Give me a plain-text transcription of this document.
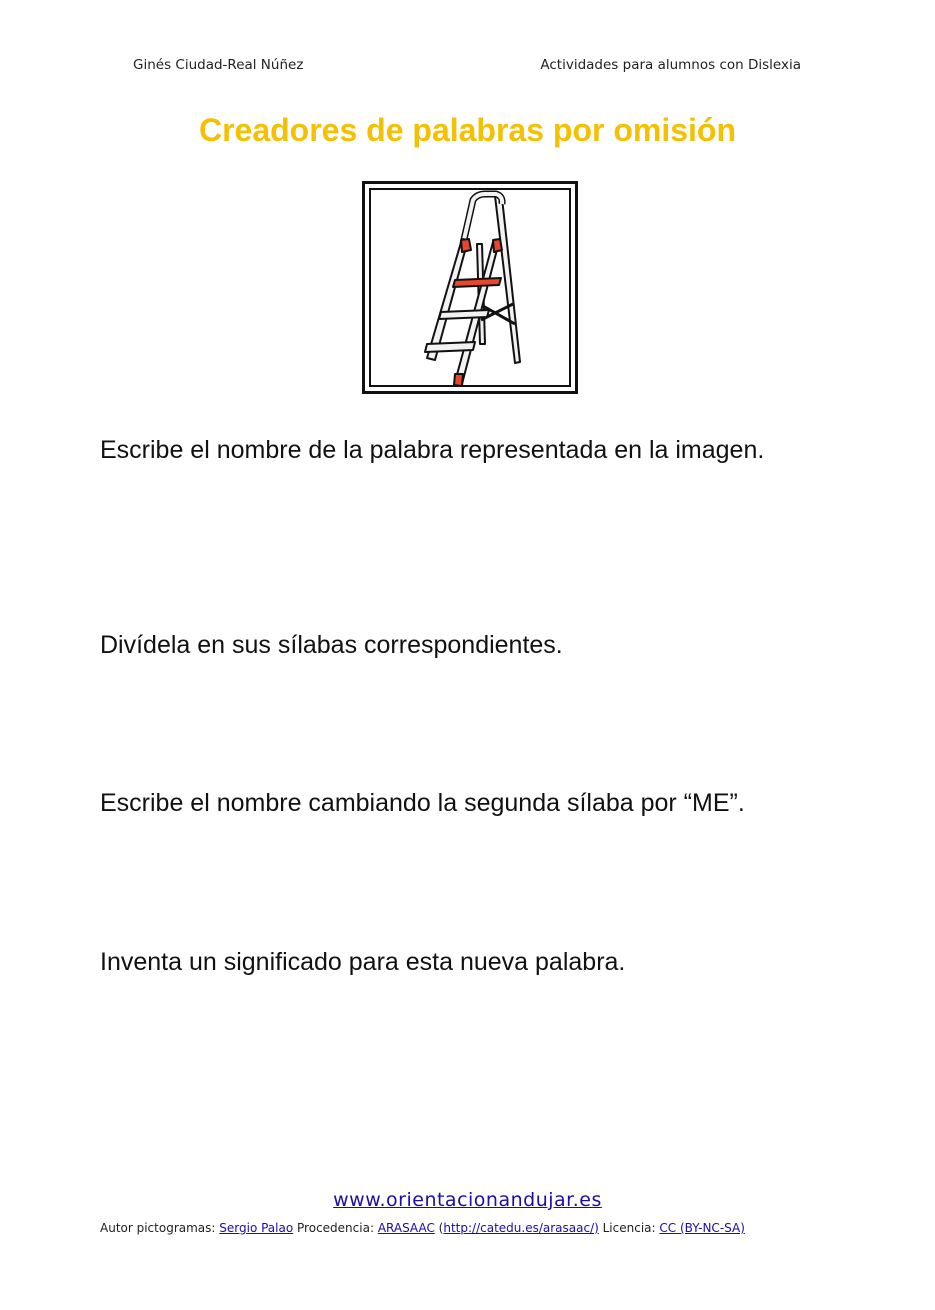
Ginés Ciudad-Real Núñez	Actividades para alumnos con Dislexia
Creadores de palabras por omisión
Escribe el nombre de la palabra representada en la imagen.
Divídela en sus sílabas correspondientes.
Escribe el nombre cambiando la segunda sílaba por “ME”.
Inventa un significado para esta nueva palabra.
www.orientacionandujar.es
Autor pictogramas: Sergio Palao Procedencia: ARASAAC (http://catedu.es/arasaac/) Licencia: CC (BY-NC-SA)
